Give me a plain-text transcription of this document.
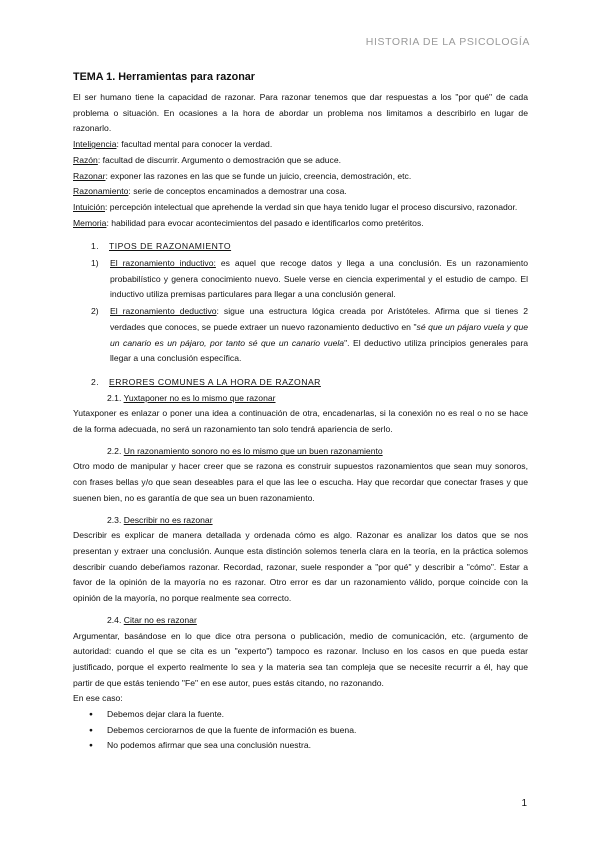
HISTORIA DE LA PSICOLOGÍA
TEMA 1. Herramientas para razonar

El ser humano tiene la capacidad de razonar. Para razonar tenemos que dar respuestas a los "por qué" de cada problema o situación. En ocasiones a la hora de abordar un problema nos limitamos a describirlo en lugar de razonarlo.

Inteligencia: facultad mental para conocer la verdad.

Razón: facultad de discurrir. Argumento o demostración que se aduce.

Razonar: exponer las razones en las que se funde un juicio, creencia, demostración, etc.

Razonamiento: serie de conceptos encaminados a demostrar una cosa.

Intuición: percepción intelectual que aprehende la verdad sin que haya tenido lugar el proceso discursivo, razonador.

Memoria: habilidad para evocar acontecimientos del pasado e identificarlos como pretéritos.

1. TIPOS DE RAZONAMIENTO
1) El razonamiento inductivo: es aquel que recoge datos y llega a una conclusión. Es un razonamiento probabilístico y genera conocimiento nuevo. Suele verse en ciencia experimental y el estudio de campo. El inductivo utiliza premisas particulares para llegar a una conclusión general.
2) El razonamiento deductivo: sigue una estructura lógica creada por Aristóteles. Afirma que si tienes 2 verdades que conoces, se puede extraer un nuevo razonamiento deductivo en "sé que un pájaro vuela y que un canario es un pájaro, por tanto sé que un canario vuela". El deductivo utiliza principios generales para llegar a una conclusión específica.
2. ERRORES COMUNES A LA HORA DE RAZONAR
2.1. Yuxtaponer no es lo mismo que razonar

Yutaxponer es enlazar o poner una idea a continuación de otra, encadenarlas, si la conexión no es real o no se hace de la forma adecuada, no será un razonamiento tan solo tendrá apariencia de serlo.

2.2. Un razonamiento sonoro no es lo mismo que un buen razonamiento

Otro modo de manipular y hacer creer que se razona es construir supuestos razonamientos que sean muy sonoros, con frases bellas y/o que sean deseables para el que las lee o escucha. Hay que recordar que conectar frases y que suenen bien, no es garantía de que sea un buen razonamiento.

2.3. Describir no es razonar

Describir es explicar de manera detallada y ordenada cómo es algo. Razonar es analizar los datos que se nos presentan y extraer una conclusión. Aunque esta distinción solemos tenerla clara en la teoría, en la práctica solemos describir cuando debeŕiamos razonar. Recordad, razonar, suele responder a "por qué" y describir a "cómo". Estar a favor de la opinión de la mayoría no es razonar. Otro error es dar un razonamiento válido, porque coincide con la opinión de la mayoría, no porque realmente sea correcto.

2.4. Citar no es razonar

Argumentar, basándose en lo que dice otra persona o publicación, medio de comunicación, etc. (argumento de autoridad: cuando el que se cita es un "experto") tampoco es razonar. Incluso en los casos en que pueda estar justificado, porque el experto realmente lo sea y la materia sea tan compleja que se necesite recurrir a él, hay que partir de que estás teniendo "Fe" en ese autor, pues estás citando, no razonando.

En ese caso:

● Debemos dejar clara la fuente.
● Debemos cerciorarnos de que la fuente de información es buena.
● No podemos afirmar que sea una conclusión nuestra.
1
